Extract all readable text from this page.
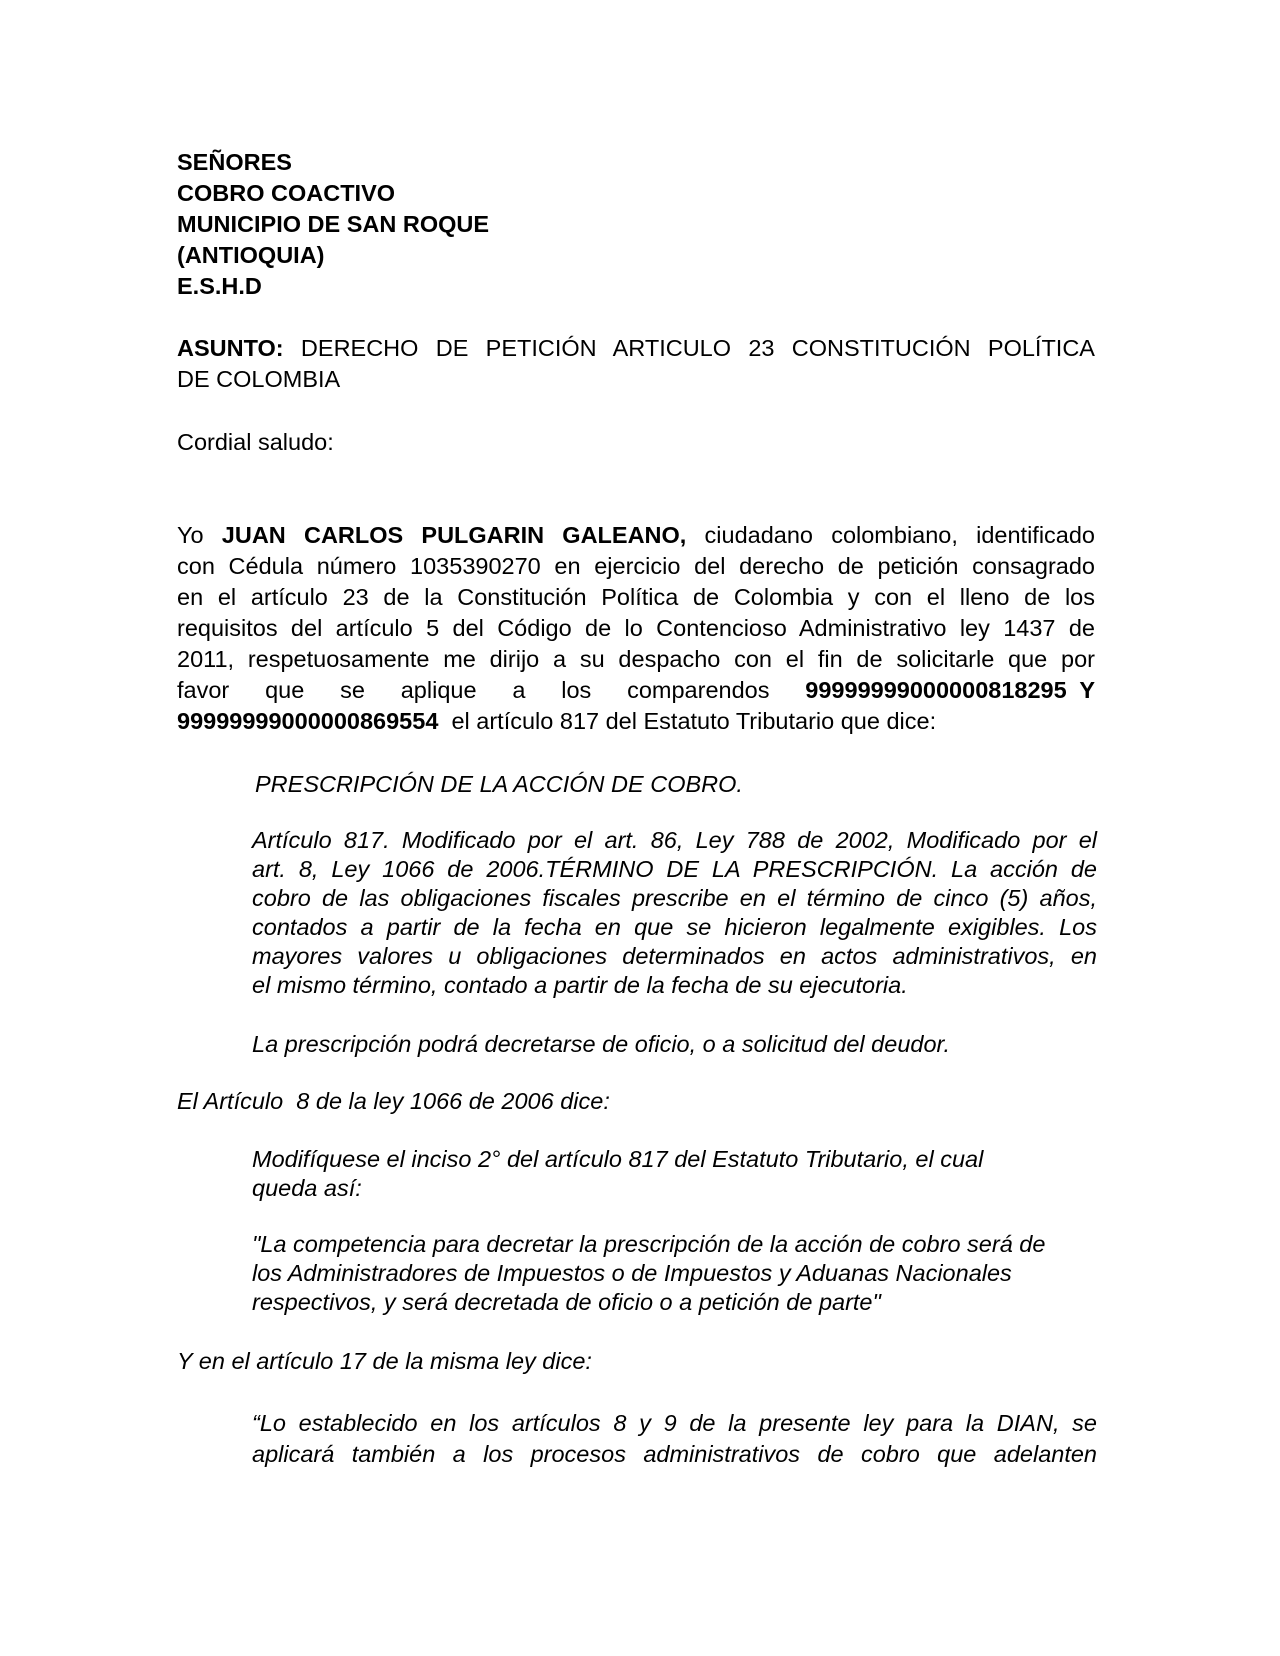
SEÑORES

COBRO COACTIVO

MUNICIPIO DE SAN ROQUE

(ANTIOQUIA)

E.S.H.D

ASUNTO: DERECHO DE PETICIÓN ARTICULO 23 CONSTITUCIÓN POLÍTICA

DE COLOMBIA

Cordial saludo:

Yo JUAN CARLOS PULGARIN GALEANO, ciudadano colombiano, identificado

con Cédula número 1035390270 en ejercicio del derecho de petición consagrado

en el artículo 23 de la Constitución Política de Colombia y con el lleno de los

requisitos del artículo 5 del Código de lo Contencioso Administrativo ley 1437 de

2011, respetuosamente me dirijo a su despacho con el fin de solicitarle que por

favor que se aplique a los comparendos 99999999000000818295  Y

99999999000000869554  el artículo 817 del Estatuto Tributario que dice:

PRESCRIPCIÓN DE LA ACCIÓN DE COBRO.

Artículo 817. Modificado por el art. 86, Ley 788 de 2002, Modificado por el
art. 8, Ley 1066 de 2006.TÉRMINO DE LA PRESCRIPCIÓN. La acción de
cobro de las obligaciones fiscales prescribe en el término de cinco (5) años,
contados a partir de la fecha en que se hicieron legalmente exigibles. Los
mayores valores u obligaciones determinados en actos administrativos, en
el mismo término, contado a partir de la fecha de su ejecutoria.

La prescripción podrá decretarse de oficio, o a solicitud del deudor.

El Artículo  8 de la ley 1066 de 2006 dice:

Modifíquese el inciso 2° del artículo 817 del Estatuto Tributario, el cual
queda así:
"La competencia para decretar la prescripción de la acción de cobro será de
los Administradores de Impuestos o de Impuestos y Aduanas Nacionales
respectivos, y será decretada de oficio o a petición de parte"

Y en el artículo 17 de la misma ley dice:

“Lo establecido en los artículos 8 y 9 de la presente ley para la DIAN, se
aplicará también a los procesos administrativos de cobro que adelanten
